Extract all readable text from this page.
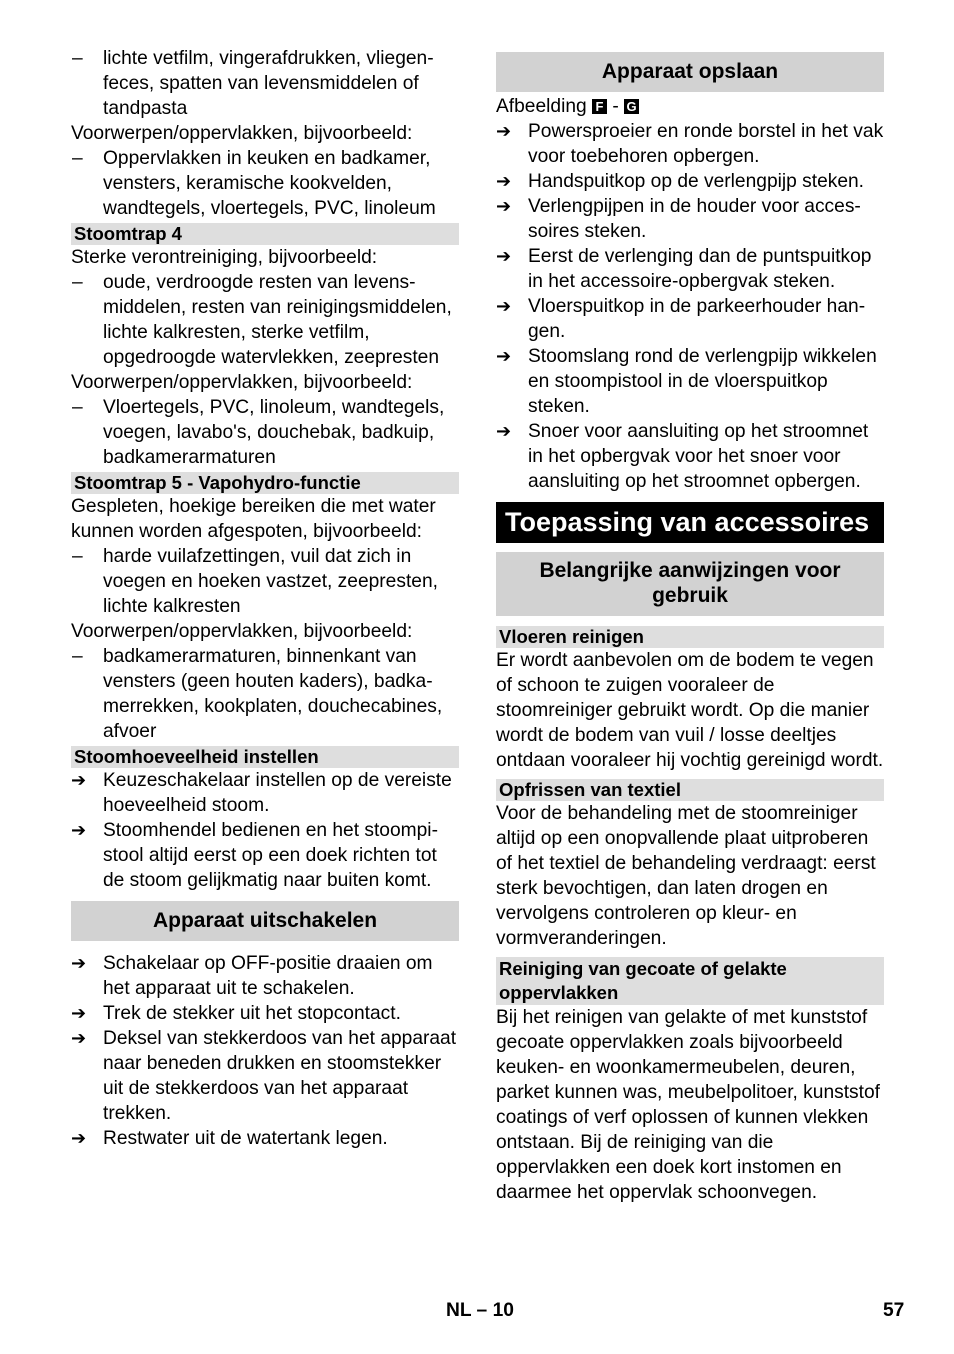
–	lichte vetfilm, vingerafdrukken, vliegenfeces, spatten van levensmiddelen of tandpasta

Voorwerpen/oppervlakken, bijvoorbeeld:

–	Oppervlakken in keuken en badkamer, vensters, keramische kookvelden, wandtegels, vloertegels, PVC, linoleum
Stoomtrap 4

Sterke verontreiniging, bijvoorbeeld:

–	oude, verdroogde resten van levensmiddelen, resten van reinigingsmiddelen, lichte kalkresten, sterke vetfilm, opgedroogde watervlekken, zeepresten

Voorwerpen/oppervlakken, bijvoorbeeld:

–	Vloertegels, PVC, linoleum, wandtegels, voegen, lavabo's, douchebak, badkuip, badkamerarmaturen
Stoomtrap 5 - Vapohydro-functie

Gespleten, hoekige bereiken die met water kunnen worden afgespoten, bijvoorbeeld:

–	harde vuilafzettingen, vuil dat zich in voegen en hoeken vastzet, zeepresten, lichte kalkresten

Voorwerpen/oppervlakken, bijvoorbeeld:

–	badkamerarmaturen, binnenkant van vensters (geen houten kaders), badkamerrekken, kookplaten, douchecabines, afvoer
Stoomhoeveelheid instellen
➔ Keuzeschakelaar instellen op de vereiste hoeveelheid stoom.
➔ Stoomhendel bedienen en het stoompistool altijd eerst op een doek richten tot de stoom gelijkmatig naar buiten komt.
Apparaat uitschakelen
➔ Schakelaar op OFF-positie draaien om het apparaat uit te schakelen.
➔ Trek de stekker uit het stopcontact.
➔ Deksel van stekkerdoos van het apparaat naar beneden drukken en stoomstekker uit de stekkerdoos van het apparaat trekken.
➔ Restwater uit de watertank legen.
Apparaat opslaan

Afbeelding F - G

➔ Powersproeier en ronde borstel in het vak voor toebehoren opbergen.
➔ Handspuitkop op de verlengpijp steken.
➔ Verlengpijpen in de houder voor accessoires steken.
➔ Eerst de verlenging dan de puntspuitkop in het accessoire-opbergvak steken.
➔ Vloerspuitkop in de parkeerhouder hangen.
➔ Stoomslang rond de verlengpijp wikkelen en stoompistool in de vloerspuitkop steken.
➔ Snoer voor aansluiting op het stroomnet in het opbergvak voor het snoer voor aansluiting op het stroomnet opbergen.
Toepassing van accessoires
Belangrijke aanwijzingen voor gebruik
Vloeren reinigen

Er wordt aanbevolen om de bodem te vegen of schoon te zuigen vooraleer de stoomreiniger gebruikt wordt. Op die manier wordt de bodem van vuil / losse deeltjes ontdaan vooraleer hij vochtig gereinigd wordt.

Opfrissen van textiel

Voor de behandeling met de stoomreiniger altijd op een onopvallende plaat uitproberen of het textiel de behandeling verdraagt: eerst sterk bevochtigen, dan laten drogen en vervolgens controleren op kleur- en vormveranderingen.

Reiniging van gecoate of gelakte oppervlakken

Bij het reinigen van gelakte of met kunststof gecoate oppervlakken zoals bijvoorbeeld keuken- en woonkamermeubelen, deuren, parket kunnen was, meubelpolitoer, kunststof coatings of verf oplossen of kunnen vlekken ontstaan. Bij de reiniging van die oppervlakken een doek kort instomen en daarmee het oppervlak schoonvegen.

NL – 10	57
